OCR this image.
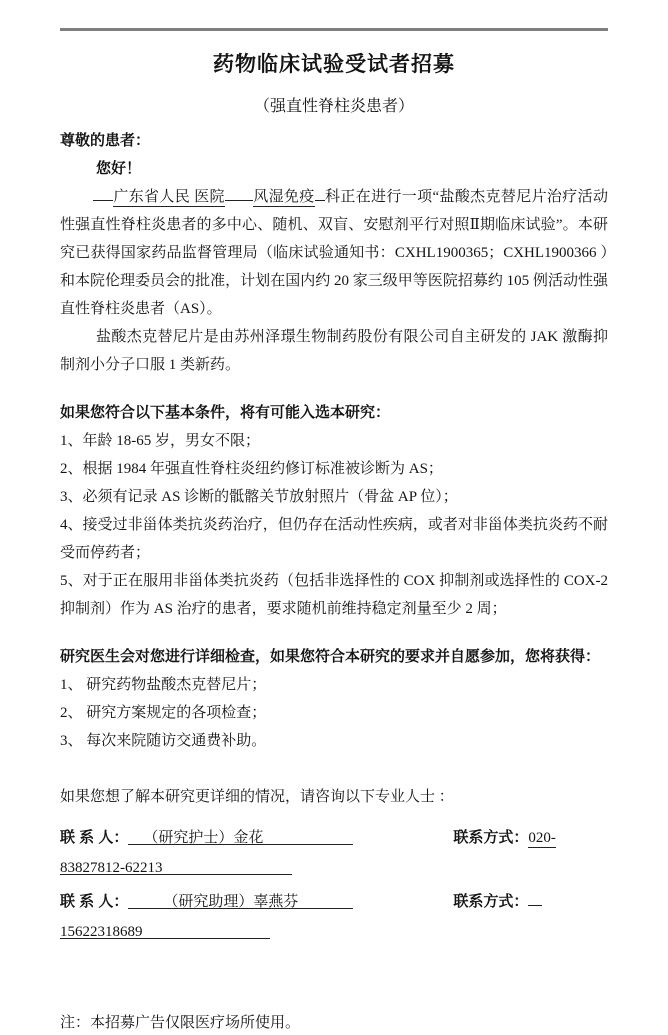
药物临床试验受试者招募
（强直性脊柱炎患者）

尊敬的患者：

您好！

广东省人民 医院 风湿免疫 科正在进行一项“盐酸杰克替尼片治疗活动性强直性脊柱炎患者的多中心、随机、双盲、安慰剂平行对照Ⅱ期临床试验”。本研究已获得国家药品监督管理局（临床试验通知书：CXHL1900365；CXHL1900366 ）和本院伦理委员会的批准，计划在国内约 20 家三级甲等医院招募约 105 例活动性强直性脊柱炎患者（AS）。

盐酸杰克替尼片是由苏州泽璟生物制药股份有限公司自主研发的 JAK 激酶抑制剂小分子口服 1 类新药。

如果您符合以下基本条件，将有可能入选本研究：

1、年龄 18-65 岁，男女不限；
2、根据 1984 年强直性脊柱炎纽约修订标准被诊断为 AS；
3、必须有记录 AS 诊断的骶髂关节放射照片（骨盆 AP 位）；
4、接受过非甾体类抗炎药治疗，但仍存在活动性疾病，或者对非甾体类抗炎药不耐受而停药者；
5、对于正在服用非甾体类抗炎药（包括非选择性的 COX 抑制剂或选择性的 COX-2 抑制剂）作为 AS 治疗的患者，要求随机前维持稳定剂量至少 2 周；

研究医生会对您进行详细检查，如果您符合本研究的要求并自愿参加，您将获得：

1、 研究药物盐酸杰克替尼片；
2、 研究方案规定的各项检查；
3、 每次来院随访交通费补助。

如果您想了解本研究更详细的情况，请咨询以下专业人士 ：

联 系 人： （研究护士）金花	联系方式：020-
83827812-62213
联 系 人： （研究助理）辜燕芬	联系方式：
15622318689

注：本招募广告仅限医疗场所使用。
